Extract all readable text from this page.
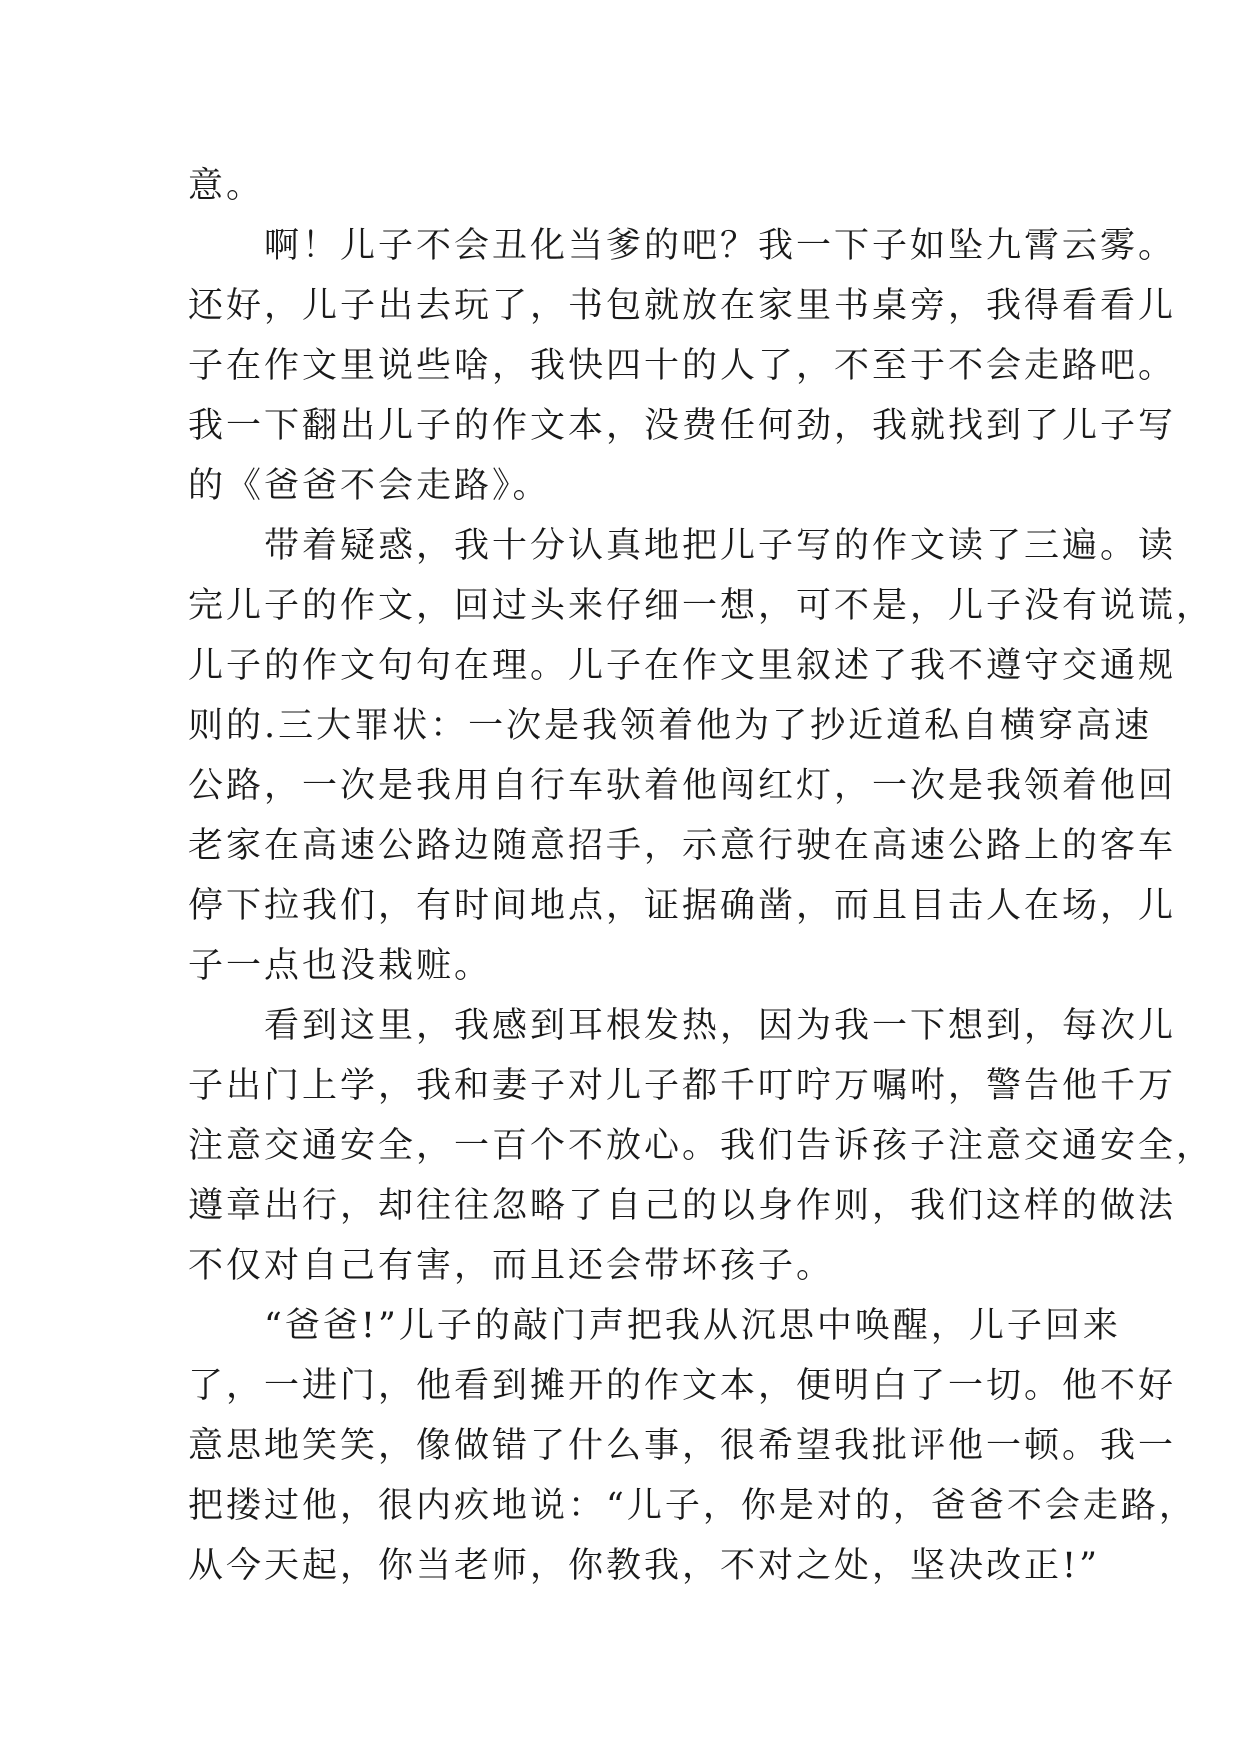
意。
　　啊！儿子不会丑化当爹的吧？我一下子如坠九霄云雾。
还好，儿子出去玩了，书包就放在家里书桌旁，我得看看儿
子在作文里说些啥，我快四十的人了，不至于不会走路吧。
我一下翻出儿子的作文本，没费任何劲，我就找到了儿子写
的《爸爸不会走路》。
　　带着疑惑，我十分认真地把儿子写的作文读了三遍。读
完儿子的作文，回过头来仔细一想，可不是，儿子没有说谎，
儿子的作文句句在理。儿子在作文里叙述了我不遵守交通规
则的.三大罪状：一次是我领着他为了抄近道私自横穿高速
公路，一次是我用自行车驮着他闯红灯，一次是我领着他回
老家在高速公路边随意招手，示意行驶在高速公路上的客车
停下拉我们，有时间地点，证据确凿，而且目击人在场，儿
子一点也没栽赃。
　　看到这里，我感到耳根发热，因为我一下想到，每次儿
子出门上学，我和妻子对儿子都千叮咛万嘱咐，警告他千万
注意交通安全，一百个不放心。我们告诉孩子注意交通安全，
遵章出行，却往往忽略了自己的以身作则，我们这样的做法
不仅对自己有害，而且还会带坏孩子。
　　“爸爸!”儿子的敲门声把我从沉思中唤醒，儿子回来
了，一进门，他看到摊开的作文本，便明白了一切。他不好
意思地笑笑，像做错了什么事，很希望我批评他一顿。我一
把搂过他，很内疚地说：“儿子，你是对的，爸爸不会走路，
从今天起，你当老师，你教我，不对之处，坚决改正!”
